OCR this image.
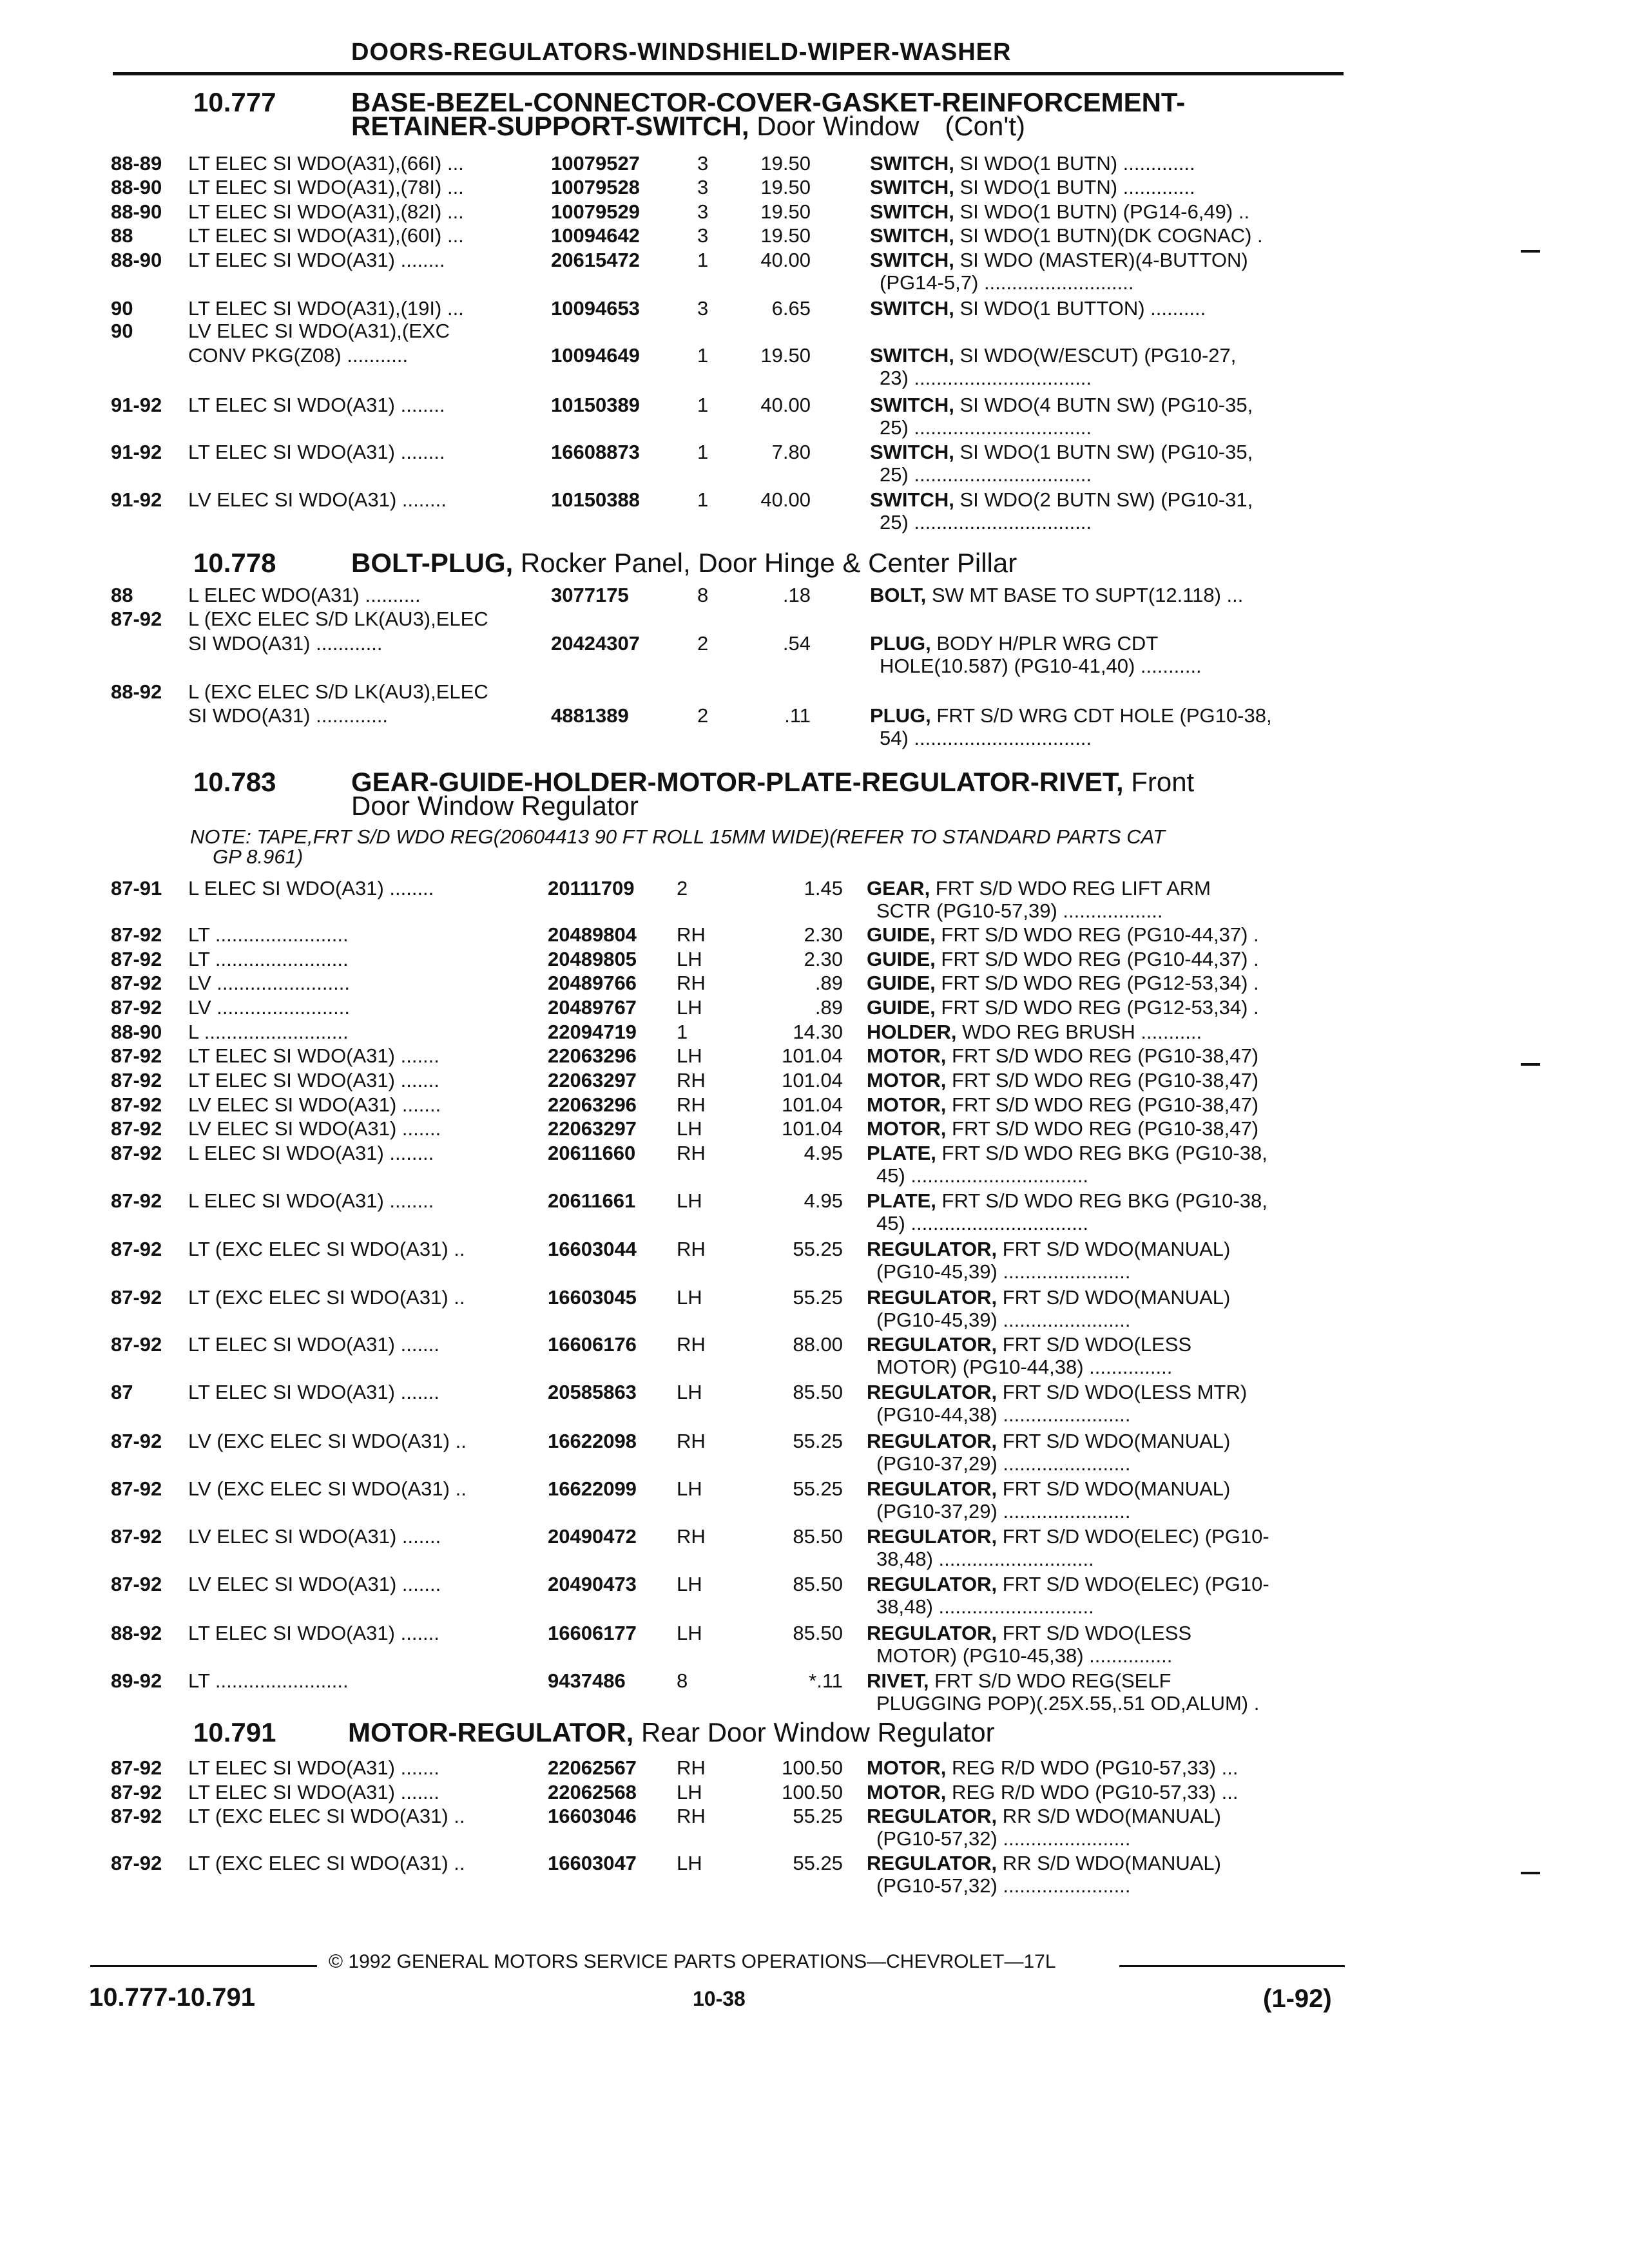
DOORS-REGULATORS-WINDSHIELD-WIPER-WASHER
10.777	BASE-BEZEL-CONNECTOR-COVER-GASKET-REINFORCEMENT-
RETAINER-SUPPORT-SWITCH, Door Window (Con't)
10.778	BOLT-PLUG, Rocker Panel, Door Hinge & Center Pillar
10.783	GEAR-GUIDE-HOLDER-MOTOR-PLATE-REGULATOR-RIVET, Front
Door Window Regulator
NOTE: TAPE,FRT S/D WDO REG(20604413 90 FT ROLL 15MM WIDE)(REFER TO STANDARD PARTS CAT
GP 8.961)
10.791	MOTOR-REGULATOR, Rear Door Window Regulator
88-89	LT ELEC SI WDO(A31),(66I) ...	10079527	3	19.50	SWITCH, SI WDO(1 BUTN) .............
88-90	LT ELEC SI WDO(A31),(78I) ...	10079528	3	19.50	SWITCH, SI WDO(1 BUTN) .............
88-90	LT ELEC SI WDO(A31),(82I) ...	10079529	3	19.50	SWITCH, SI WDO(1 BUTN) (PG14-6,49) ..
88	LT ELEC SI WDO(A31),(60I) ...	10094642	3	19.50	SWITCH, SI WDO(1 BUTN)(DK COGNAC) .
88-90	LT ELEC SI WDO(A31) ........	20615472	1	40.00	SWITCH, SI WDO (MASTER)(4-BUTTON)
(PG14-5,7) ...........................
90	LT ELEC SI WDO(A31),(19I) ...	10094653	3	6.65	SWITCH, SI WDO(1 BUTTON) ..........
90	LV ELEC SI WDO(A31),(EXC
CONV PKG(Z08) ...........	10094649	1	19.50	SWITCH, SI WDO(W/ESCUT) (PG10-27,
23) ................................
91-92	LT ELEC SI WDO(A31) ........	10150389	1	40.00	SWITCH, SI WDO(4 BUTN SW) (PG10-35,
25) ................................
91-92	LT ELEC SI WDO(A31) ........	16608873	1	7.80	SWITCH, SI WDO(1 BUTN SW) (PG10-35,
25) ................................
91-92	LV ELEC SI WDO(A31) ........	10150388	1	40.00	SWITCH, SI WDO(2 BUTN SW) (PG10-31,
25) ................................
88	L ELEC WDO(A31) ..........	3077175	8	.18	BOLT, SW MT BASE TO SUPT(12.118) ...
87-92	L (EXC ELEC S/D LK(AU3),ELEC
SI WDO(A31) ............	20424307	2	.54	PLUG, BODY H/PLR WRG CDT
HOLE(10.587) (PG10-41,40) ...........
88-92	L (EXC ELEC S/D LK(AU3),ELEC
SI WDO(A31) .............	4881389	2	.11	PLUG, FRT S/D WRG CDT HOLE (PG10-38,
54) ................................
87-91	L ELEC SI WDO(A31) ........	20111709 2	1.45 GEAR, FRT S/D WDO REG LIFT ARM
SCTR (PG10-57,39) ..................
87-92	LT ........................	20489804 RH	2.30 GUIDE, FRT S/D WDO REG (PG10-44,37) .
87-92	LT ........................	20489805 LH	2.30 GUIDE, FRT S/D WDO REG (PG10-44,37) .
87-92	LV ........................	20489766 RH	.89 GUIDE, FRT S/D WDO REG (PG12-53,34) .
87-92	LV ........................	20489767 LH	.89 GUIDE, FRT S/D WDO REG (PG12-53,34) .
88-90	L ..........................	22094719 1	14.30 HOLDER, WDO REG BRUSH ...........
87-92	LT ELEC SI WDO(A31) .......	22063296 LH	101.04 MOTOR, FRT S/D WDO REG (PG10-38,47)
87-92	LT ELEC SI WDO(A31) .......	22063297 RH	101.04 MOTOR, FRT S/D WDO REG (PG10-38,47)
87-92	LV ELEC SI WDO(A31) .......	22063296 RH	101.04 MOTOR, FRT S/D WDO REG (PG10-38,47)
87-92	LV ELEC SI WDO(A31) .......	22063297 LH	101.04 MOTOR, FRT S/D WDO REG (PG10-38,47)
87-92	L ELEC SI WDO(A31) ........	20611660 RH	4.95 PLATE, FRT S/D WDO REG BKG (PG10-38,
45) ................................
87-92	L ELEC SI WDO(A31) ........	20611661 LH	4.95 PLATE, FRT S/D WDO REG BKG (PG10-38,
45) ................................
87-92	LT (EXC ELEC SI WDO(A31) ..	16603044 RH	55.25 REGULATOR, FRT S/D WDO(MANUAL)
(PG10-45,39) .......................
87-92	LT (EXC ELEC SI WDO(A31) ..	16603045 LH	55.25 REGULATOR, FRT S/D WDO(MANUAL)
(PG10-45,39) .......................
87-92	LT ELEC SI WDO(A31) .......	16606176 RH	88.00 REGULATOR, FRT S/D WDO(LESS
MOTOR) (PG10-44,38) ...............
87	LT ELEC SI WDO(A31) .......	20585863 LH	85.50 REGULATOR, FRT S/D WDO(LESS MTR)
(PG10-44,38) .......................
87-92	LV (EXC ELEC SI WDO(A31) ..	16622098 RH	55.25 REGULATOR, FRT S/D WDO(MANUAL)
(PG10-37,29) .......................
87-92	LV (EXC ELEC SI WDO(A31) ..	16622099 LH	55.25 REGULATOR, FRT S/D WDO(MANUAL)
(PG10-37,29) .......................
87-92	LV ELEC SI WDO(A31) .......	20490472 RH	85.50 REGULATOR, FRT S/D WDO(ELEC) (PG10-
38,48) ............................
87-92	LV ELEC SI WDO(A31) .......	20490473 LH	85.50 REGULATOR, FRT S/D WDO(ELEC) (PG10-
38,48) ............................
88-92	LT ELEC SI WDO(A31) .......	16606177 LH	85.50 REGULATOR, FRT S/D WDO(LESS
MOTOR) (PG10-45,38) ...............
89-92	LT ........................	9437486	8	*.11 RIVET, FRT S/D WDO REG(SELF
PLUGGING POP)(.25X.55,.51 OD,ALUM) .
87-92	LT ELEC SI WDO(A31) .......	22062567 RH	100.50 MOTOR, REG R/D WDO (PG10-57,33) ...
87-92	LT ELEC SI WDO(A31) .......	22062568 LH	100.50 MOTOR, REG R/D WDO (PG10-57,33) ...
87-92	LT (EXC ELEC SI WDO(A31) ..	16603046 RH	55.25 REGULATOR, RR S/D WDO(MANUAL)
(PG10-57,32) .......................
87-92	LT (EXC ELEC SI WDO(A31) ..	16603047 LH	55.25 REGULATOR, RR S/D WDO(MANUAL)
(PG10-57,32) .......................
© 1992 GENERAL MOTORS SERVICE PARTS OPERATIONS—CHEVROLET—17L
10.777-10.791	10-38	(1-92)
